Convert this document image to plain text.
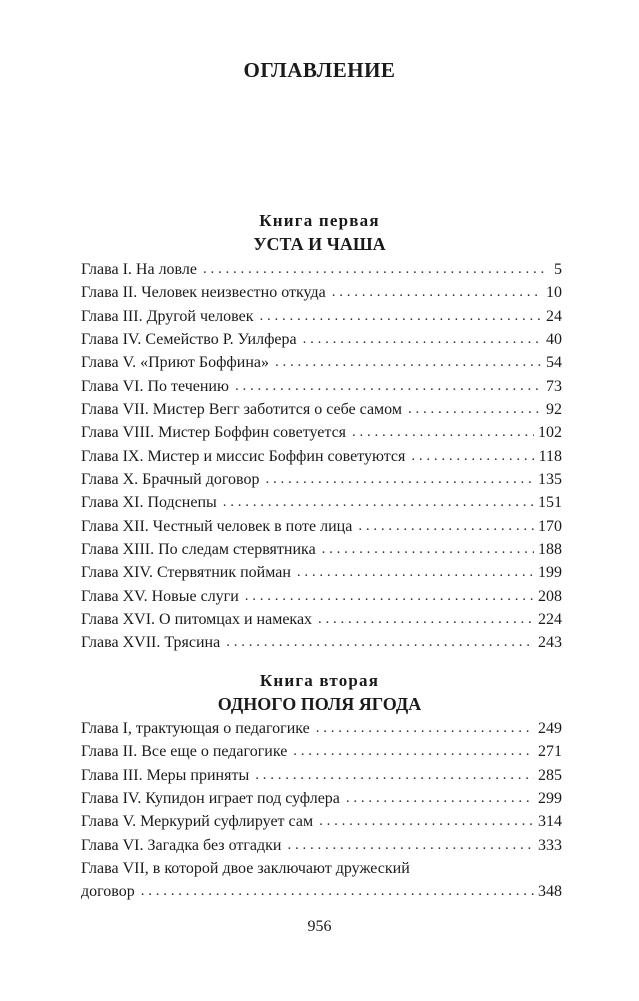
ОГЛАВЛЕНИЕ
Книга первая
УСТА И ЧАША
Глава I. На ловле . . .	5
Глава II. Человек неизвестно откуда . . .	10
Глава III. Другой человек . . .	24
Глава IV. Семейство Р. Уилфера . . .	40
Глава V. «Приют Боффина» . . .	54
Глава VI. По течению . . .	73
Глава VII. Мистер Вегг заботится о себе самом . . .	92
Глава VIII. Мистер Боффин советуется . . .	102
Глава IX. Мистер и миссис Боффин советуются . . .	118
Глава X. Брачный договор . . .	135
Глава XI. Подснепы . . .	151
Глава XII. Честный человек в поте лица . . .	170
Глава XIII. По следам стервятника . . .	188
Глава XIV. Стервятник пойман . . .	199
Глава XV. Новые слуги . . .	208
Глава XVI. О питомцах и намеках . . .	224
Глава XVII. Трясина . . .	243
Книга вторая
ОДНОГО ПОЛЯ ЯГОДА
Глава I, трактующая о педагогике . . .	249
Глава II. Все еще о педагогике . . .	271
Глава III. Меры приняты . . .	285
Глава IV. Купидон играет под суфлера . . .	299
Глава V. Меркурий суфлирует сам . . .	314
Глава VI. Загадка без отгадки . . .	333
Глава VII, в которой двое заключают дружеский
договор . . .	348
956
